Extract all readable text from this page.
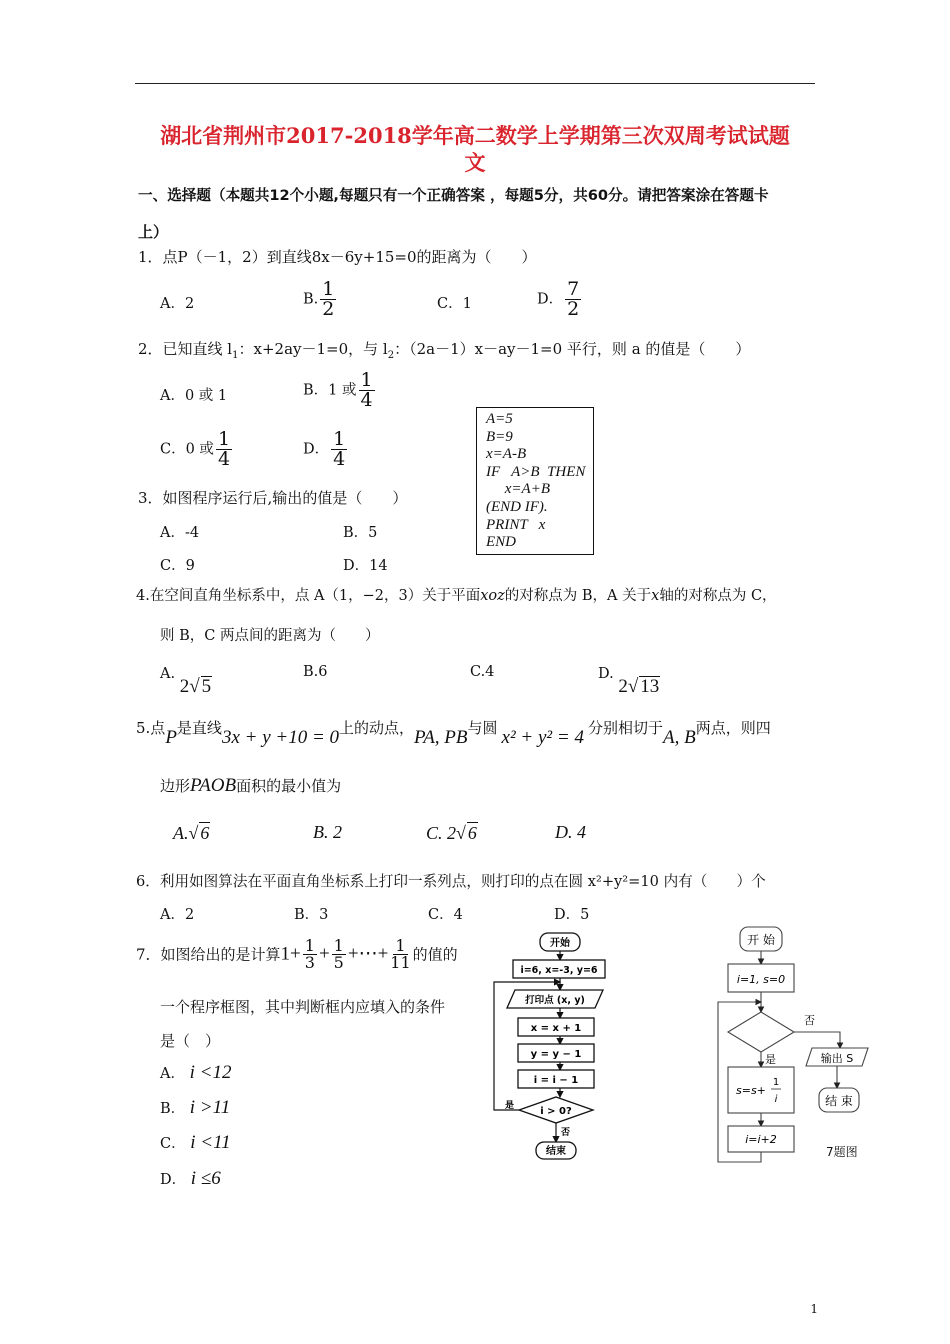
湖北省荆州市2017-2018学年高二数学上学期第三次双周考试试题
文
一、选择题（本题共12个小题,每题只有一个正确答案 ，每题5分，共60分。请把答案涂在答题卡
上）
1．点P（－1，2）到直线8x－6y+15=0的距离为（　　）
A．2	B. $\frac{1}{2}$	C．1	D． $\frac{7}{2}$
2．已知直线 $l_1$：x+2ay－1=0，与 $l_2$：（2a－1）x－ay－1=0 平行，则 a 的值是（　　）
A．0 或 1	B．1 或 $\frac{1}{4}$
C．0 或 $\frac{1}{4}$	D． $\frac{1}{4}$
A=5
B=9
x=A-B
IF   A>B  THEN
x=A+B
(END IF).
PRINT   x
END
3．如图程序运行后,输出的值是（　　）
A．-4	B．5
C．9	D．14
4.在空间直角坐标系中，点 A（1，−2，3）关于平面xoz的对称点为 B，A 关于x轴的对称点为 C，
则 B，C 两点间的距离为（　　）
A. 2√ 5
B.6	C.4	D. 2√ 13
5.点P是直线3x + y +10 = 0上的动点，PA, PB与圆 x² + y² = 4 分别相切于A, B两点，则四
边形PAOB面积的最小值为
A.√ 6	B. 2	C. 2√ 6	D. 4
6．利用如图算法在平面直角坐标系上打印一系列点，则打印的点在圆 x²+y²=10 内有（　　）个
A．2	B．3	C．4	D．5
7．如图给出的是计算$1+ \frac{1}{3} + \frac{1}{5}$ +⋯+ $\frac{1}{11}$ 的值的
一个程序框图，其中判断框内应填入的条件
是（　）
A． i <12
B． i >11
C． i <11
D． i ≤6
开始
i=6, x=-3, y=6
打印点 (x, y)
x = x + 1
y = y − 1
i = i − 1
i > 0?
是
否
结束
开 始
i=1, s=0
否
输出 S
结 束
是
s=s+
1
i
i=i+2
7题图
1
